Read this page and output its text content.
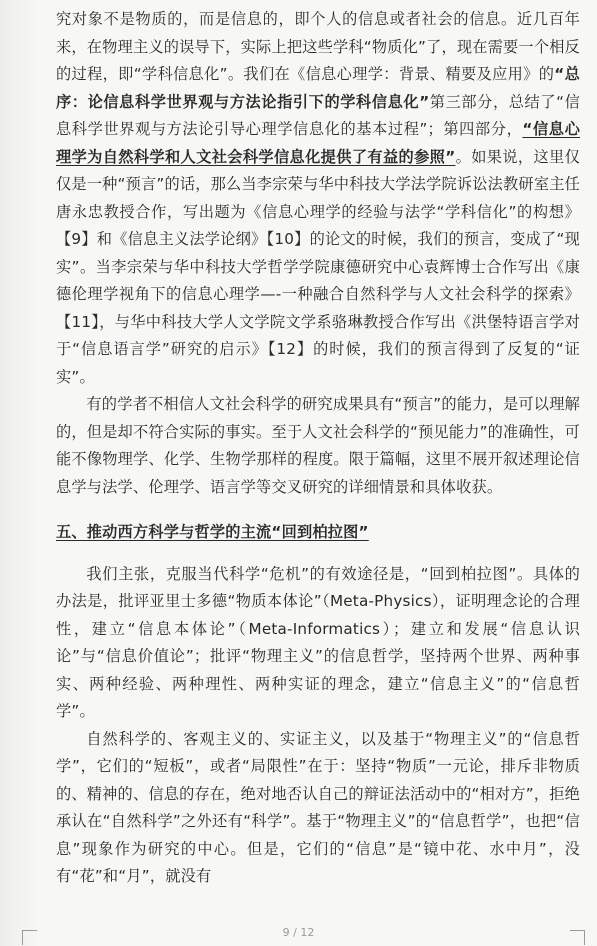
究对象不是物质的，而是信息的，即个人的信息或者社会的信息。近几百年来，在物理主义的误导下，实际上把这些学科“物质化”了，现在需要一个相反的过程，即“学科信息化”。我们在《信息心理学：背景、精要及应用》的“总序：论信息科学世界观与方法论指引下的学科信息化”第三部分，总结了“信息科学世界观与方法论引导心理学信息化的基本过程”；第四部分，“信息心理学为自然科学和人文社会科学信息化提供了有益的参照”。如果说，这里仅仅是一种“预言”的话，那么当李宗荣与华中科技大学法学院诉讼法教研室主任唐永忠教授合作，写出题为《信息心理学的经验与法学“学科信化”的构想》【9】和《信息主义法学论纲》【10】的论文的时候，我们的预言，变成了“现实”。当李宗荣与华中科技大学哲学学院康德研究中心袁辉博士合作写出《康德伦理学视角下的信息心理学—-一种融合自然科学与人文社会科学的探索》【11】，与华中科技大学人文学院文学系骆琳教授合作写出《洪堡特语言学对于“信息语言学”研究的启示》【12】的时候，我们的预言得到了反复的“证实”。

有的学者不相信人文社会科学的研究成果具有“预言”的能力，是可以理解的，但是却不符合实际的事实。至于人文社会科学的“预见能力”的准确性，可能不像物理学、化学、生物学那样的程度。限于篇幅，这里不展开叙述理论信息学与法学、伦理学、语言学等交叉研究的详细情景和具体收获。

五、推动西方科学与哲学的主流“回到柏拉图”

我们主张，克服当代科学“危机”的有效途径是，“回到柏拉图”。具体的办法是，批评亚里士多德“物质本体论”（Meta-Physics），证明理念论的合理性，建立“信息本体论”（Meta-Informatics）；建立和发展“信息认识论”与“信息价值论”；批评“物理主义”的信息哲学，坚持两个世界、两种事实、两种经验、两种理性、两种实证的理念，建立“信息主义”的“信息哲学”。

自然科学的、客观主义的、实证主义，以及基于“物理主义”的“信息哲学”，它们的“短板”，或者“局限性”在于：坚持“物质”一元论，排斥非物质的、精神的、信息的存在，绝对地否认自己的辩证法活动中的“相对方”，拒绝承认在“自然科学”之外还有“科学”。基于“物理主义”的“信息哲学”，也把“信息”现象作为研究的中心。但是，它们的“信息”是“镜中花、水中月”，没有“花”和“月”，就没有

9 / 12
